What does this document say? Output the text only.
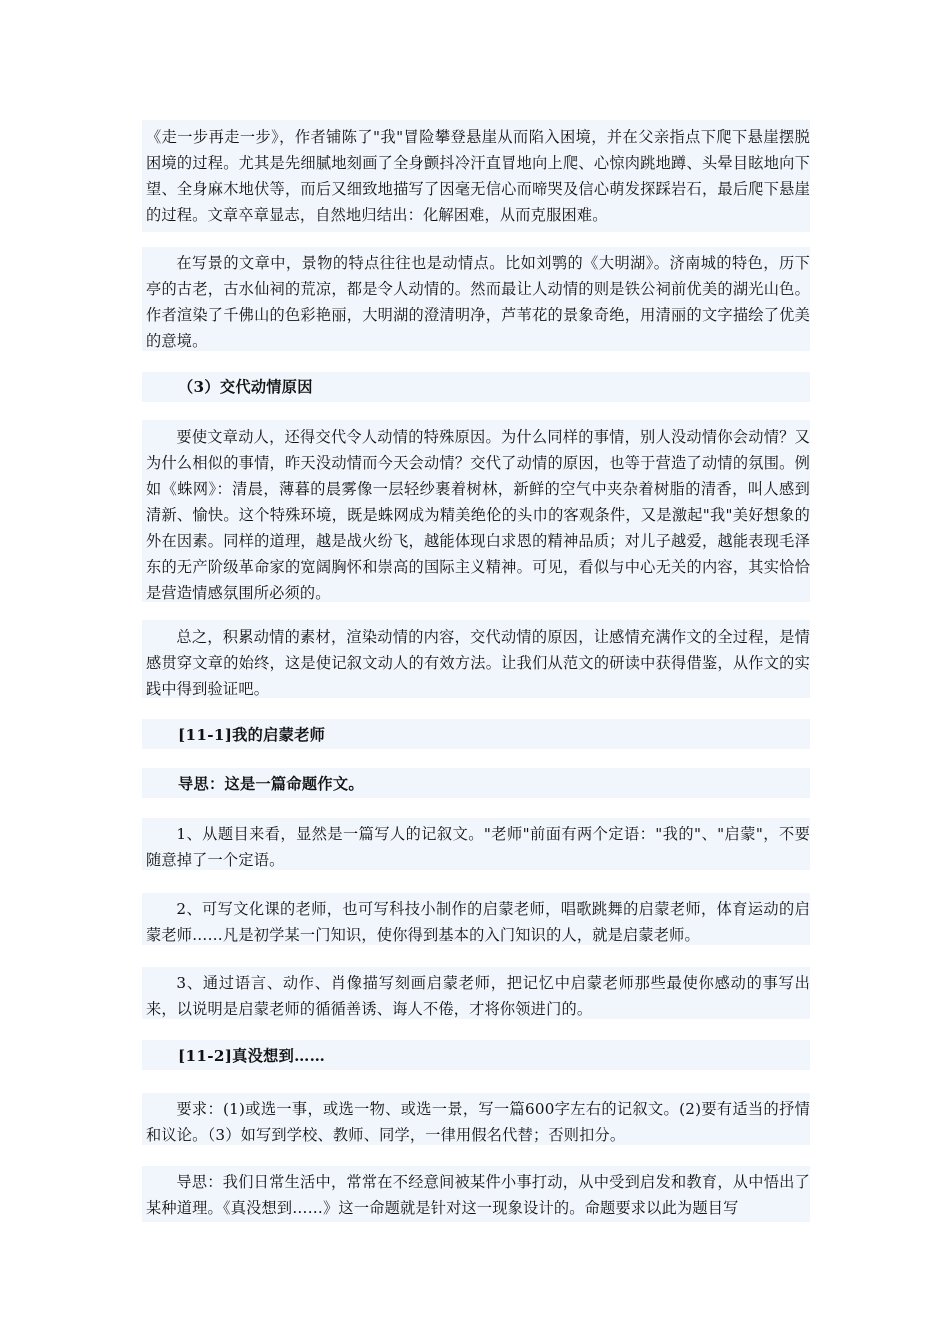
《走一步再走一步》，作者铺陈了"我"冒险攀登悬崖从而陷入困境，并在父亲指点下爬下悬崖摆脱困境的过程。尤其是先细腻地刻画了全身颤抖冷汗直冒地向上爬、心惊肉跳地蹲、头晕目眩地向下望、全身麻木地伏等，而后又细致地描写了因毫无信心而啼哭及信心萌发探踩岩石，最后爬下悬崖的过程。文章卒章显志，自然地归结出：化解困难，从而克服困难。

在写景的文章中，景物的特点往往也是动情点。比如刘鹗的《大明湖》。济南城的特色，历下亭的古老，古水仙祠的荒凉，都是令人动情的。然而最让人动情的则是铁公祠前优美的湖光山色。作者渲染了千佛山的色彩艳丽，大明湖的澄清明净，芦苇花的景象奇绝，用清丽的文字描绘了优美的意境。

（3）交代动情原因

要使文章动人，还得交代令人动情的特殊原因。为什么同样的事情，别人没动情你会动情？又为什么相似的事情，昨天没动情而今天会动情？交代了动情的原因，也等于营造了动情的氛围。例如《蛛网》：清晨，薄暮的晨雾像一层轻纱裹着树林，新鲜的空气中夹杂着树脂的清香，叫人感到清新、愉快。这个特殊环境，既是蛛网成为精美绝伦的头巾的客观条件，又是激起"我"美好想象的外在因素。同样的道理，越是战火纷飞，越能体现白求恩的精神品质；对儿子越爱，越能表现毛泽东的无产阶级革命家的宽阔胸怀和崇高的国际主义精神。可见，看似与中心无关的内容，其实恰恰是营造情感氛围所必须的。

总之，积累动情的素材，渲染动情的内容，交代动情的原因，让感情充满作文的全过程，是情感贯穿文章的始终，这是使记叙文动人的有效方法。让我们从范文的研读中获得借鉴，从作文的实践中得到验证吧。

[11-1]我的启蒙老师

导思：这是一篇命题作文。

1、从题目来看，显然是一篇写人的记叙文。"老师"前面有两个定语："我的"、"启蒙"，不要随意掉了一个定语。

2、可写文化课的老师，也可写科技小制作的启蒙老师，唱歌跳舞的启蒙老师，体育运动的启蒙老师……凡是初学某一门知识，使你得到基本的入门知识的人，就是启蒙老师。

3、通过语言、动作、肖像描写刻画启蒙老师，把记忆中启蒙老师那些最使你感动的事写出来，以说明是启蒙老师的循循善诱、诲人不倦，才将你领进门的。

[11-2]真没想到……

要求：(1)或选一事，或选一物、或选一景，写一篇600字左右的记叙文。(2)要有适当的抒情和议论。（3）如写到学校、教师、同学，一律用假名代替；否则扣分。

导思：我们日常生活中，常常在不经意间被某件小事打动，从中受到启发和教育，从中悟出了某种道理。《真没想到……》这一命题就是针对这一现象设计的。命题要求以此为题目写
